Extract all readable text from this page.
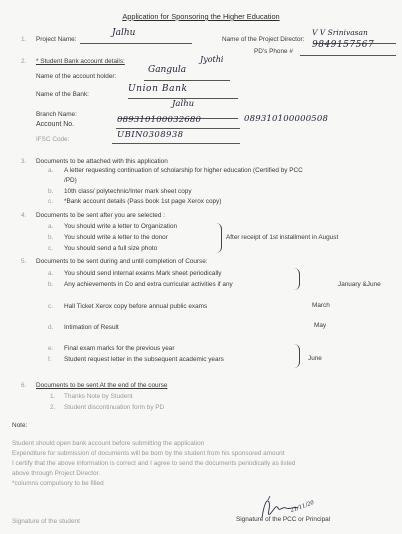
Application for Sponsoring the Higher Education
1. Project Name:
Jalhu
Name of the Project Director:
V V Srinivasan
PD's Phone #
9849157567
2. * Student Bank account details:
Name of the account holder:
Gangula
Jyothi
Name of the Bank:
Union Bank
Branch Name:
Jalhu
Account No.	089310100032680	089310100000508
IFSC Code:	UBIN0308938
3. Documents to be attached with this application
a. A letter requesting continuation of scholarship for higher education (Certified by PCC
/PD)
b. 10th class/ polytechnic/Inter mark sheet copy
c. *Bank account details (Pass book 1st page Xerox copy)
4. Documents to be sent after you are selected :
a. You should write a letter to Organization
b. You should write a letter to the donor
c. You should send a full size photo
After receipt of 1st installment in August
5. Documents to be sent during and until completion of Course:
a. You should send internal exams Mark sheet periodically
b. Any achievements in Co and extra curricular activities if any	January &June
c. Hall Ticket Xerox copy before annual public exams	March
d. Intimation of Result	May
e. Final exam marks for the previous year
f. Student request letter in the subsequent academic years	June
6. Documents to be sent At the end of the course
1. Thanks Note by Student
2. Student discontinuation form by PD
Note:
Student should open bank account before submitting the application
Expenditure for submission of documents will be born by the student from his sponsored amount
I certify that the above information is correct and I agree to send the documents periodically as listed
above through Project Director.
*columns compulsory to be filled
Signature of the student	Signature of the PCC or Principal
21/11/20
